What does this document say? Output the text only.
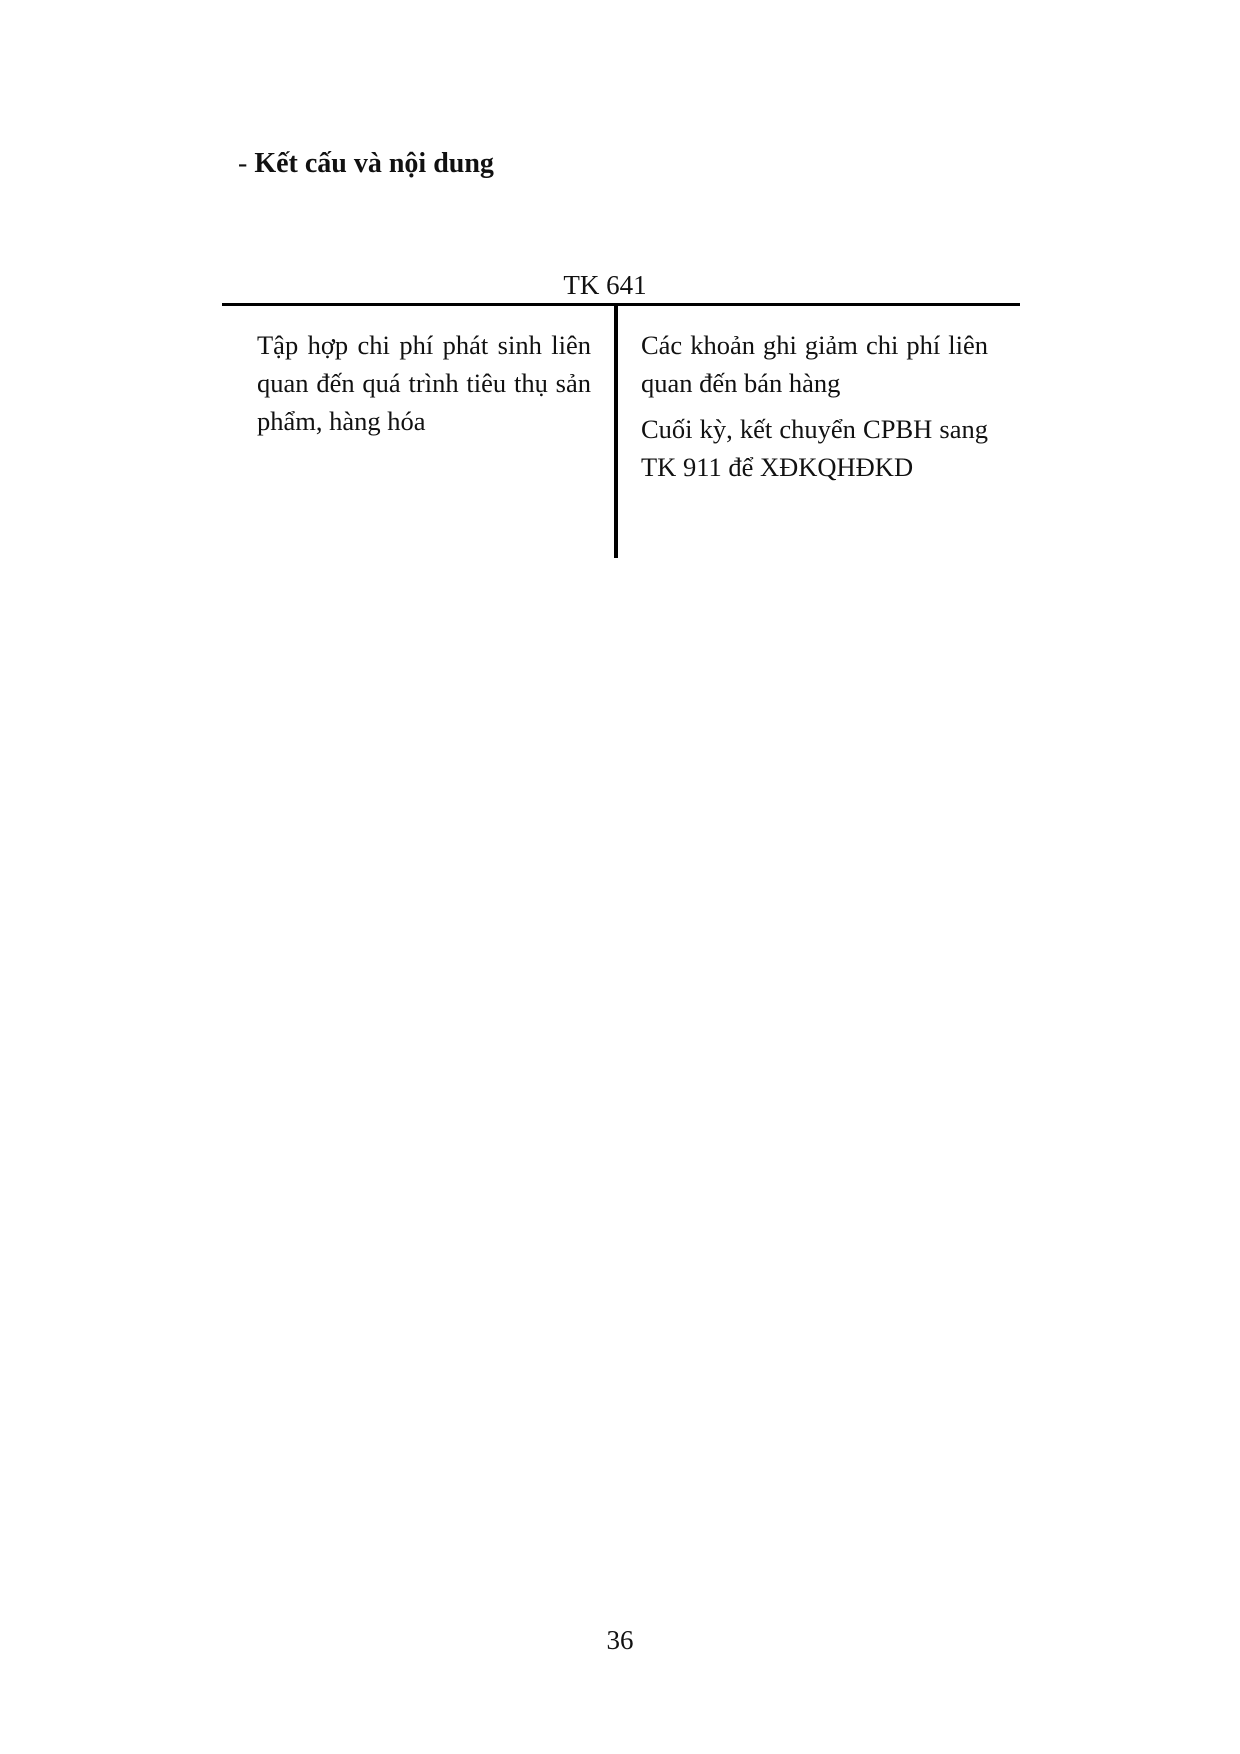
- Kết cấu và nội dung
TK 641

Tập hợp chi phí phát sinh liên quan đến quá trình tiêu thụ sản phẩm, hàng hóa

Các khoản ghi giảm chi phí liên quan đến bán hàng

Cuối kỳ, kết chuyển CPBH sang TK 911 để XĐKQHĐKD

36
